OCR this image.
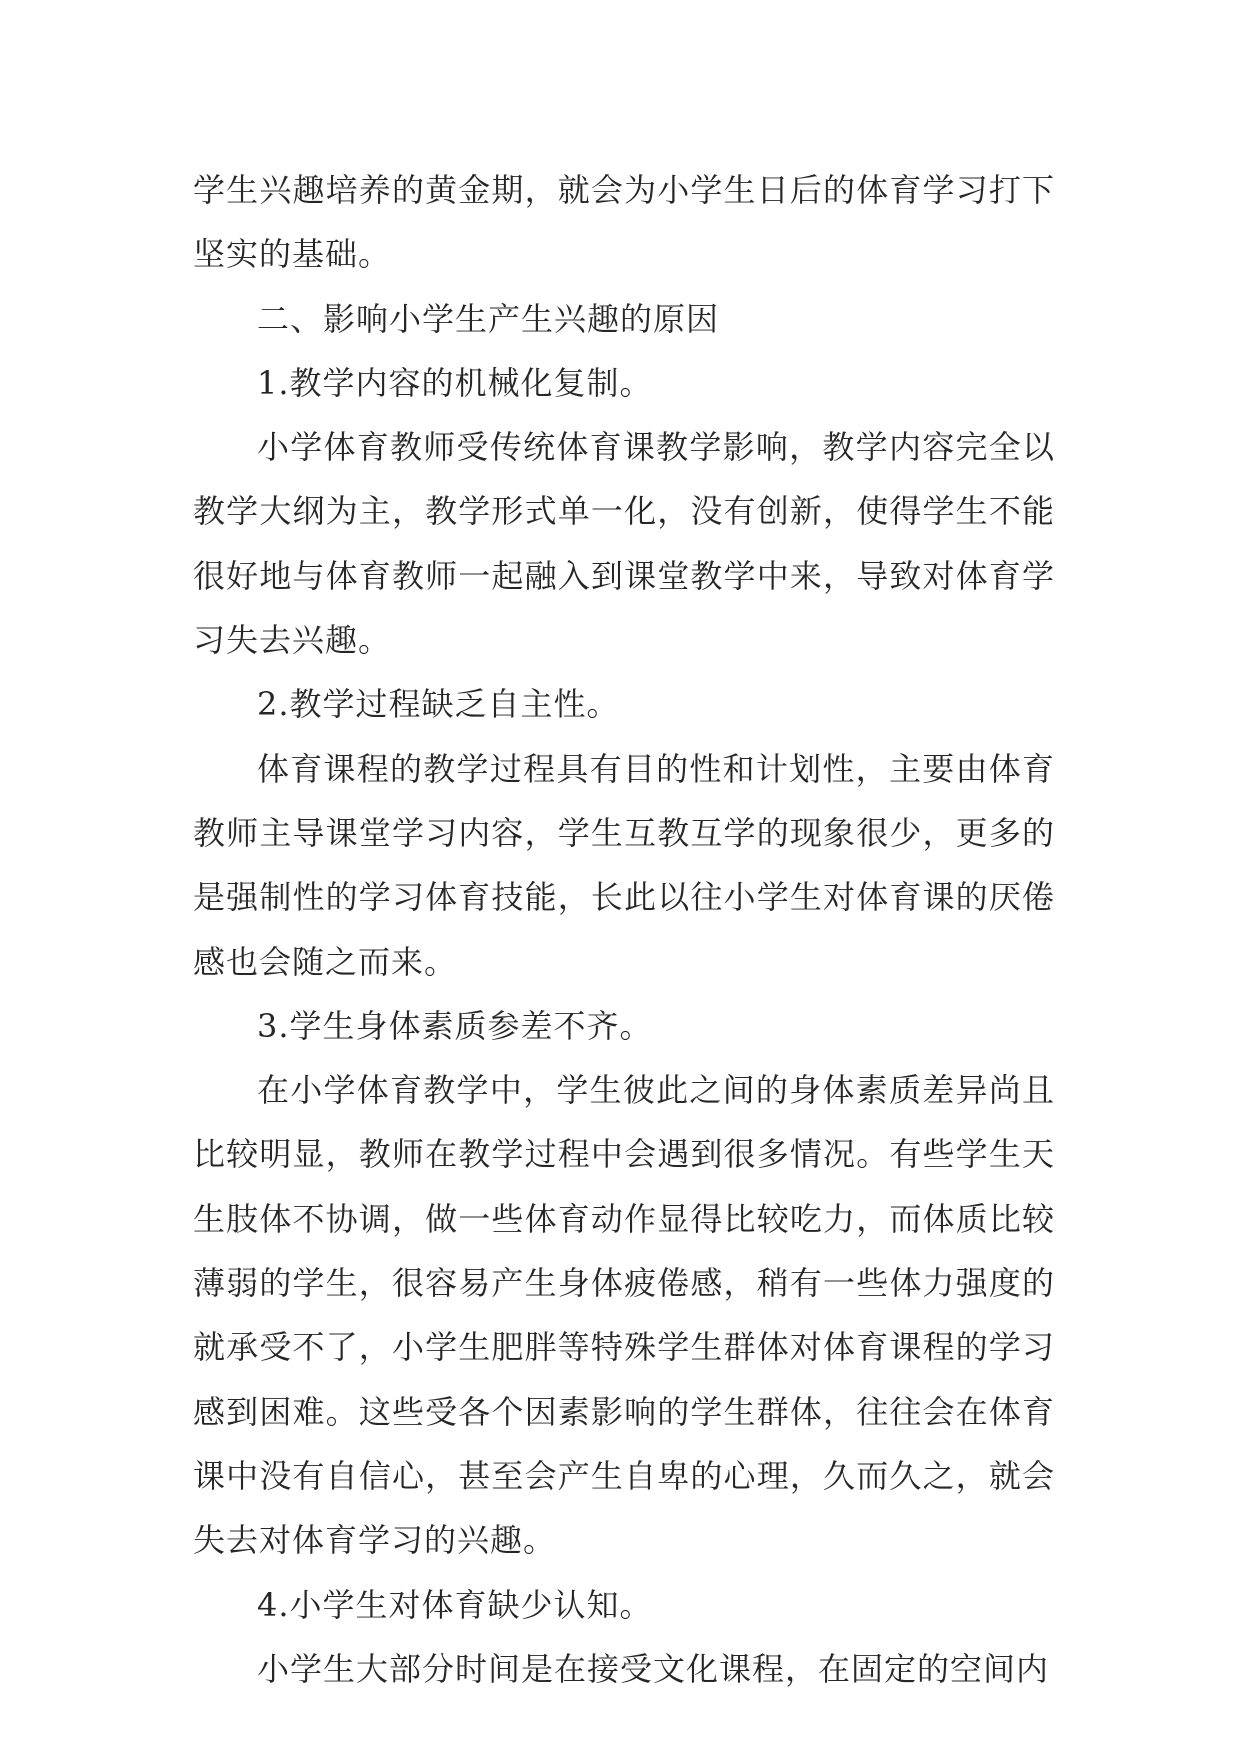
学生兴趣培养的黄金期，就会为小学生日后的体育学习打下坚实的基础。

二、影响小学生产生兴趣的原因

1.教学内容的机械化复制。

小学体育教师受传统体育课教学影响，教学内容完全以教学大纲为主，教学形式单一化，没有创新，使得学生不能很好地与体育教师一起融入到课堂教学中来，导致对体育学习失去兴趣。

2.教学过程缺乏自主性。

体育课程的教学过程具有目的性和计划性，主要由体育教师主导课堂学习内容，学生互教互学的现象很少，更多的是强制性的学习体育技能，长此以往小学生对体育课的厌倦感也会随之而来。

3.学生身体素质参差不齐。

在小学体育教学中，学生彼此之间的身体素质差异尚且比较明显，教师在教学过程中会遇到很多情况。有些学生天生肢体不协调，做一些体育动作显得比较吃力，而体质比较薄弱的学生，很容易产生身体疲倦感，稍有一些体力强度的就承受不了，小学生肥胖等特殊学生群体对体育课程的学习感到困难。这些受各个因素影响的学生群体，往往会在体育课中没有自信心，甚至会产生自卑的心理，久而久之，就会失去对体育学习的兴趣。

4.小学生对体育缺少认知。

小学生大部分时间是在接受文化课程，在固定的空间内
